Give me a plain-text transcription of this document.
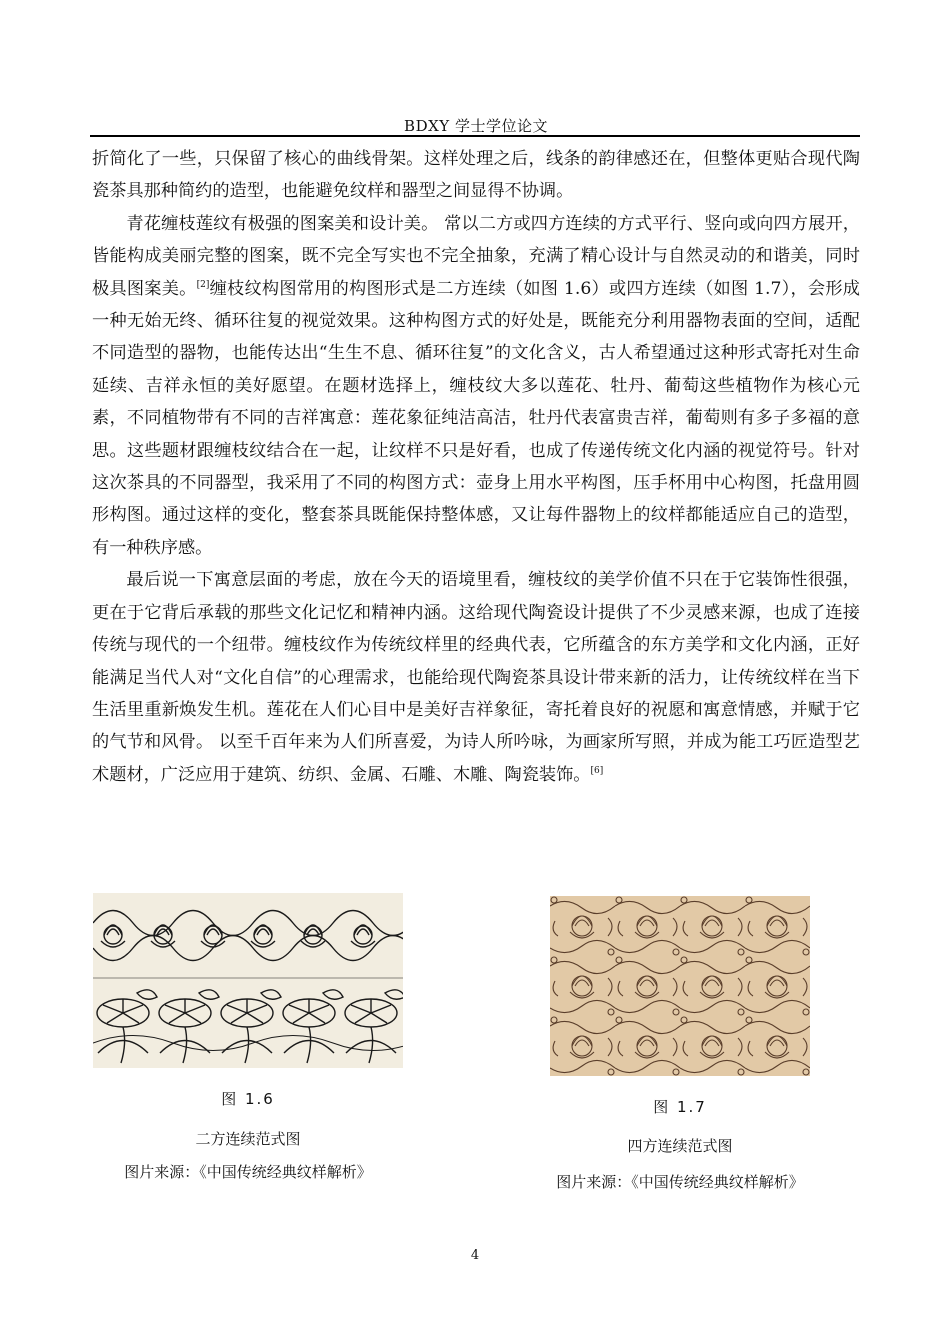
BDXY 学士学位论文

折简化了一些，只保留了核心的曲线骨架。这样处理之后，线条的韵律感还在，但整体更贴合现代陶瓷茶具那种简约的造型，也能避免纹样和器型之间显得不协调。

青花缠枝莲纹有极强的图案美和设计美。 常以二方或四方连续的方式平行、竖向或向四方展开， 皆能构成美丽完整的图案，既不完全写实也不完全抽象，充满了精心设计与自然灵动的和谐美，同时极具图案美。[2]缠枝纹构图常用的构图形式是二方连续（如图 1.6）或四方连续（如图 1.7），会形成一种无始无终、循环往复的视觉效果。这种构图方式的好处是，既能充分利用器物表面的空间，适配不同造型的器物，也能传达出“生生不息、循环往复”的文化含义，古人希望通过这种形式寄托对生命延续、吉祥永恒的美好愿望。在题材选择上，缠枝纹大多以莲花、牡丹、葡萄这些植物作为核心元素，不同植物带有不同的吉祥寓意：莲花象征纯洁高洁，牡丹代表富贵吉祥，葡萄则有多子多福的意思。这些题材跟缠枝纹结合在一起，让纹样不只是好看，也成了传递传统文化内涵的视觉符号。针对这次茶具的不同器型，我采用了不同的构图方式：壶身上用水平构图，压手杯用中心构图，托盘用圆形构图。通过这样的变化，整套茶具既能保持整体感，又让每件器物上的纹样都能适应自己的造型，有一种秩序感。

最后说一下寓意层面的考虑，放在今天的语境里看，缠枝纹的美学价值不只在于它装饰性很强，更在于它背后承载的那些文化记忆和精神内涵。这给现代陶瓷设计提供了不少灵感来源，也成了连接传统与现代的一个纽带。缠枝纹作为传统纹样里的经典代表，它所蕴含的东方美学和文化内涵，正好能满足当代人对“文化自信”的心理需求，也能给现代陶瓷茶具设计带来新的活力，让传统纹样在当下生活里重新焕发生机。莲花在人们心目中是美好吉祥象征，寄托着良好的祝愿和寓意情感，并赋于它的气节和风骨。 以至千百年来为人们所喜爱，为诗人所吟咏，为画家所写照，并成为能工巧匠造型艺术题材，广泛应用于建筑、纺织、金属、石雕、木雕、陶瓷装饰。[6]

图 1.6
二方连续范式图
图片来源：《中国传统经典纹样解析》
图 1.7
四方连续范式图
图片来源：《中国传统经典纹样解析》
4
